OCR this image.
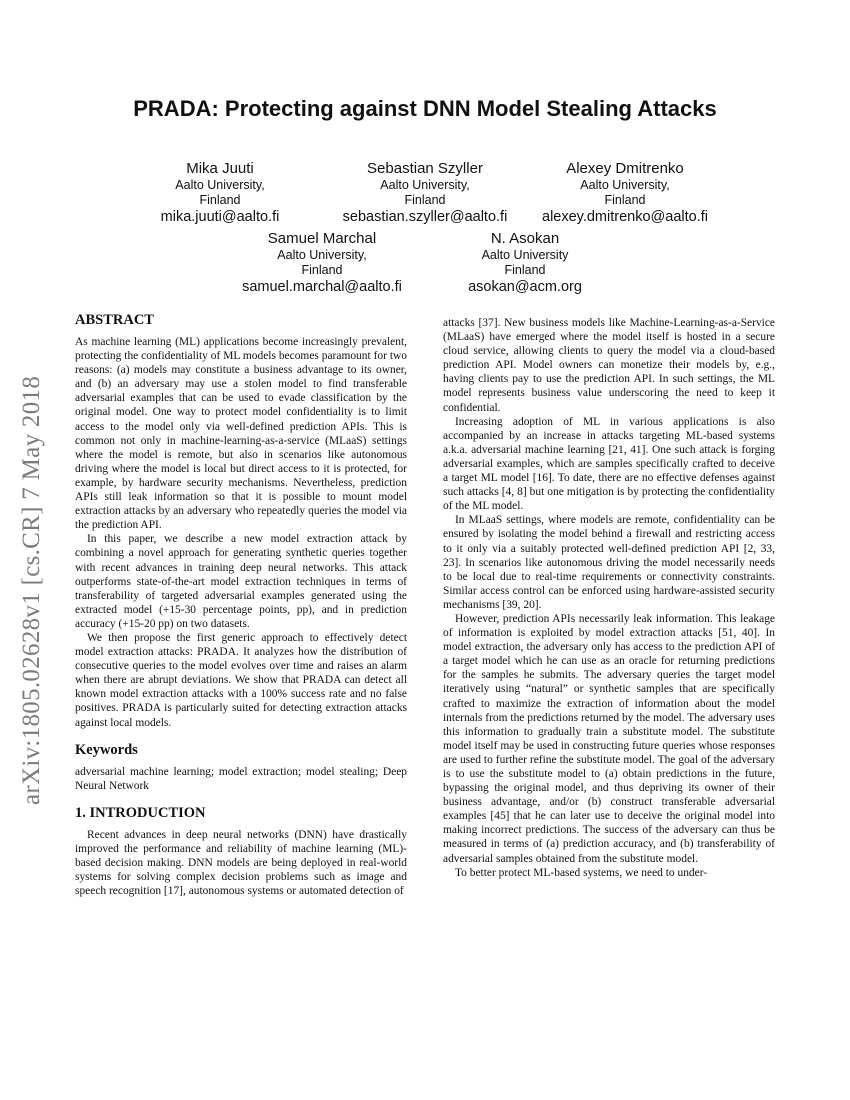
arXiv:1805.02628v1 [cs.CR] 7 May 2018
PRADA: Protecting against DNN Model Stealing Attacks
Mika Juuti
Aalto University,
Finland
mika.juuti@aalto.fi
Sebastian Szyller
Aalto University,
Finland
sebastian.szyller@aalto.fi
Alexey Dmitrenko
Aalto University,
Finland
alexey.dmitrenko@aalto.fi
Samuel Marchal
Aalto University,
Finland
samuel.marchal@aalto.fi
N. Asokan
Aalto University
Finland
asokan@acm.org
ABSTRACT

As machine learning (ML) applications become increasingly prevalent, protecting the confidentiality of ML models becomes paramount for two reasons: (a) models may constitute a business advantage to its owner, and (b) an adversary may use a stolen model to find transferable adversarial examples that can be used to evade classification by the original model. One way to protect model confidentiality is to limit access to the model only via well-defined prediction APIs. This is common not only in machine-learning-as-a-service (MLaaS) settings where the model is remote, but also in scenarios like autonomous driving where the model is local but direct access to it is protected, for example, by hardware security mechanisms. Nevertheless, prediction APIs still leak information so that it is possible to mount model extraction attacks by an adversary who repeatedly queries the model via the prediction API.

In this paper, we describe a new model extraction attack by combining a novel approach for generating synthetic queries together with recent advances in training deep neural networks. This attack outperforms state-of-the-art model extraction techniques in terms of transferability of targeted adversarial examples generated using the extracted model (+15-30 percentage points, pp), and in prediction accuracy (+15-20 pp) on two datasets.

We then propose the first generic approach to effectively detect model extraction attacks: PRADA. It analyzes how the distribution of consecutive queries to the model evolves over time and raises an alarm when there are abrupt deviations. We show that PRADA can detect all known model extraction attacks with a 100% success rate and no false positives. PRADA is particularly suited for detecting extraction attacks against local models.

Keywords

adversarial machine learning; model extraction; model stealing; Deep Neural Network

1. INTRODUCTION

Recent advances in deep neural networks (DNN) have drastically improved the performance and reliability of machine learning (ML)-based decision making. DNN models are being deployed in real-world systems for solving complex decision problems such as image and speech recognition [17], autonomous systems or automated detection of

attacks [37]. New business models like Machine-Learning-as-a-Service (MLaaS) have emerged where the model itself is hosted in a secure cloud service, allowing clients to query the model via a cloud-based prediction API. Model owners can monetize their models by, e.g., having clients pay to use the prediction API. In such settings, the ML model represents business value underscoring the need to keep it confidential.

Increasing adoption of ML in various applications is also accompanied by an increase in attacks targeting ML-based systems a.k.a. adversarial machine learning [21, 41]. One such attack is forging adversarial examples, which are samples specifically crafted to deceive a target ML model [16]. To date, there are no effective defenses against such attacks [4, 8] but one mitigation is by protecting the confidentiality of the ML model.

In MLaaS settings, where models are remote, confidentiality can be ensured by isolating the model behind a firewall and restricting access to it only via a suitably protected well-defined prediction API [2, 33, 23]. In scenarios like autonomous driving the model necessarily needs to be local due to real-time requirements or connectivity constraints. Similar access control can be enforced using hardware-assisted security mechanisms [39, 20].

However, prediction APIs necessarily leak information. This leakage of information is exploited by model extraction attacks [51, 40]. In model extraction, the adversary only has access to the prediction API of a target model which he can use as an oracle for returning predictions for the samples he submits. The adversary queries the target model iteratively using “natural” or synthetic samples that are specifically crafted to maximize the extraction of information about the model internals from the predictions returned by the model. The adversary uses this information to gradually train a substitute model. The substitute model itself may be used in constructing future queries whose responses are used to further refine the substitute model. The goal of the adversary is to use the substitute model to (a) obtain predictions in the future, bypassing the original model, and thus depriving its owner of their business advantage, and/or (b) construct transferable adversarial examples [45] that he can later use to deceive the original model into making incorrect predictions. The success of the adversary can thus be measured in terms of (a) prediction accuracy, and (b) transferability of adversarial samples obtained from the substitute model.

To better protect ML-based systems, we need to under-
